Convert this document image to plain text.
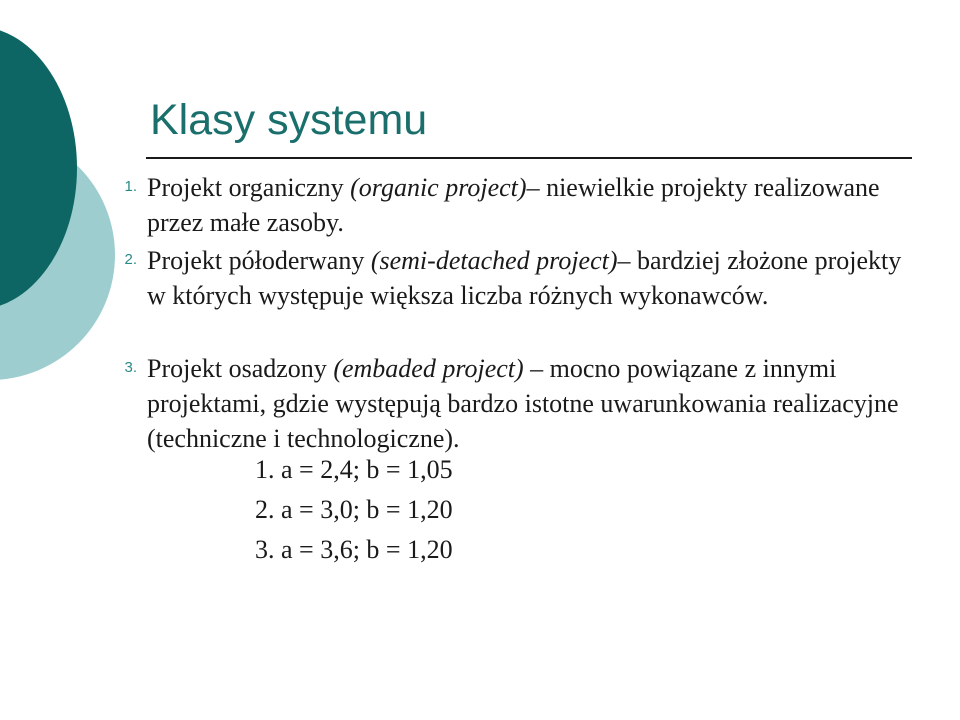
Klasy systemu
1. Projekt organiczny (organic project)– niewielkie projekty realizowane przez małe zasoby.
2. Projekt półoderwany (semi-detached project)– bardziej złożone projekty w których występuje większa liczba różnych wykonawców.
3. Projekt osadzony (embaded project) – mocno powiązane z innymi projektami, gdzie występują bardzo istotne uwarunkowania realizacyjne (techniczne i technologiczne).
1. a = 2,4; b = 1,05
2. a = 3,0; b = 1,20
3. a = 3,6; b = 1,20
